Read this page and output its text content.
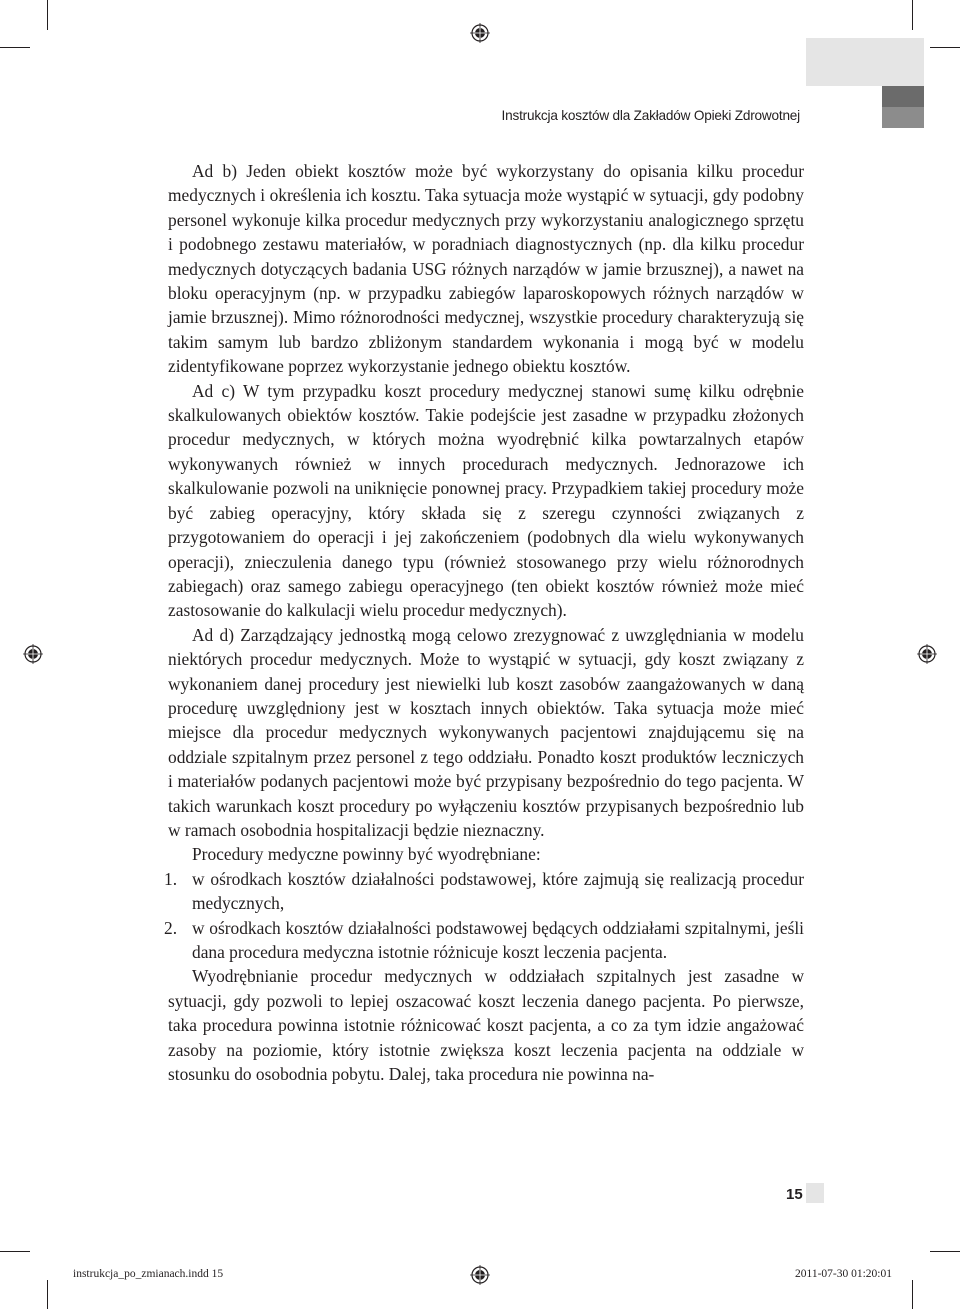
Instrukcja kosztów dla Zakładów Opieki Zdrowotnej

Ad b) Jeden obiekt kosztów może być wykorzystany do opisania kilku procedur medycznych i określenia ich kosztu. Taka sytuacja może wystąpić w sytuacji, gdy podobny personel wykonuje kilka procedur medycznych przy wykorzystaniu analogicznego sprzętu i podobnego zestawu materiałów, w poradniach diagnostycznych (np. dla kilku procedur medycznych dotyczących badania USG różnych narządów w jamie brzusznej), a nawet na bloku operacyjnym (np. w przypadku zabiegów laparoskopowych różnych narządów w jamie brzusznej). Mimo różnorodności medycznej, wszystkie procedury charakteryzują się takim samym lub bardzo zbliżonym standardem wykonania i mogą być w modelu zidentyfikowane poprzez wykorzystanie jednego obiektu kosztów.

Ad c) W tym przypadku koszt procedury medycznej stanowi sumę kilku odrębnie skalkulowanych obiektów kosztów. Takie podejście jest zasadne w przypadku złożonych procedur medycznych, w których można wyodrębnić kilka powtarzalnych etapów wykonywanych również w innych procedurach medycznych. Jednorazowe ich skalkulowanie pozwoli na uniknięcie ponownej pracy. Przypadkiem takiej procedury może być zabieg operacyjny, który składa się z szeregu czynności związanych z przygotowaniem do operacji i jej zakończeniem (podobnych dla wielu wykonywanych operacji), znieczulenia danego typu (również stosowanego przy wielu różnorodnych zabiegach) oraz samego zabiegu operacyjnego (ten obiekt kosztów również może mieć zastosowanie do kalkulacji wielu procedur medycznych).

Ad d) Zarządzający jednostką mogą celowo zrezygnować z uwzględniania w modelu niektórych procedur medycznych. Może to wystąpić w sytuacji, gdy koszt związany z wykonaniem danej procedury jest niewielki lub koszt zasobów zaangażowanych w daną procedurę uwzględniony jest w kosztach innych obiektów. Taka sytuacja może mieć miejsce dla procedur medycznych wykonywanych pacjentowi znajdującemu się na oddziale szpitalnym przez personel z tego oddziału. Ponadto koszt produktów leczniczych i materiałów podanych pacjentowi może być przypisany bezpośrednio do tego pacjenta. W takich warunkach koszt procedury po wyłączeniu kosztów przypisanych bezpośrednio lub w ramach osobodnia hospitalizacji będzie nieznaczny.

Procedury medyczne powinny być wyodrębniane:

1. w ośrodkach kosztów działalności podstawowej, które zajmują się realizacją procedur medycznych,
2. w ośrodkach kosztów działalności podstawowej będących oddziałami szpitalnymi, jeśli dana procedura medyczna istotnie różnicuje koszt leczenia pacjenta.

Wyodrębnianie procedur medycznych w oddziałach szpitalnych jest zasadne w sytuacji, gdy pozwoli to lepiej oszacować koszt leczenia danego pacjenta. Po pierwsze, taka procedura powinna istotnie różnicować koszt pacjenta, a co za tym idzie angażować zasoby na poziomie, który istotnie zwiększa koszt leczenia pacjenta na oddziale w stosunku do osobodnia pobytu. Dalej, taka procedura nie powinna na-

15
instrukcja_po_zmianach.indd 15	2011-07-30 01:20:01
